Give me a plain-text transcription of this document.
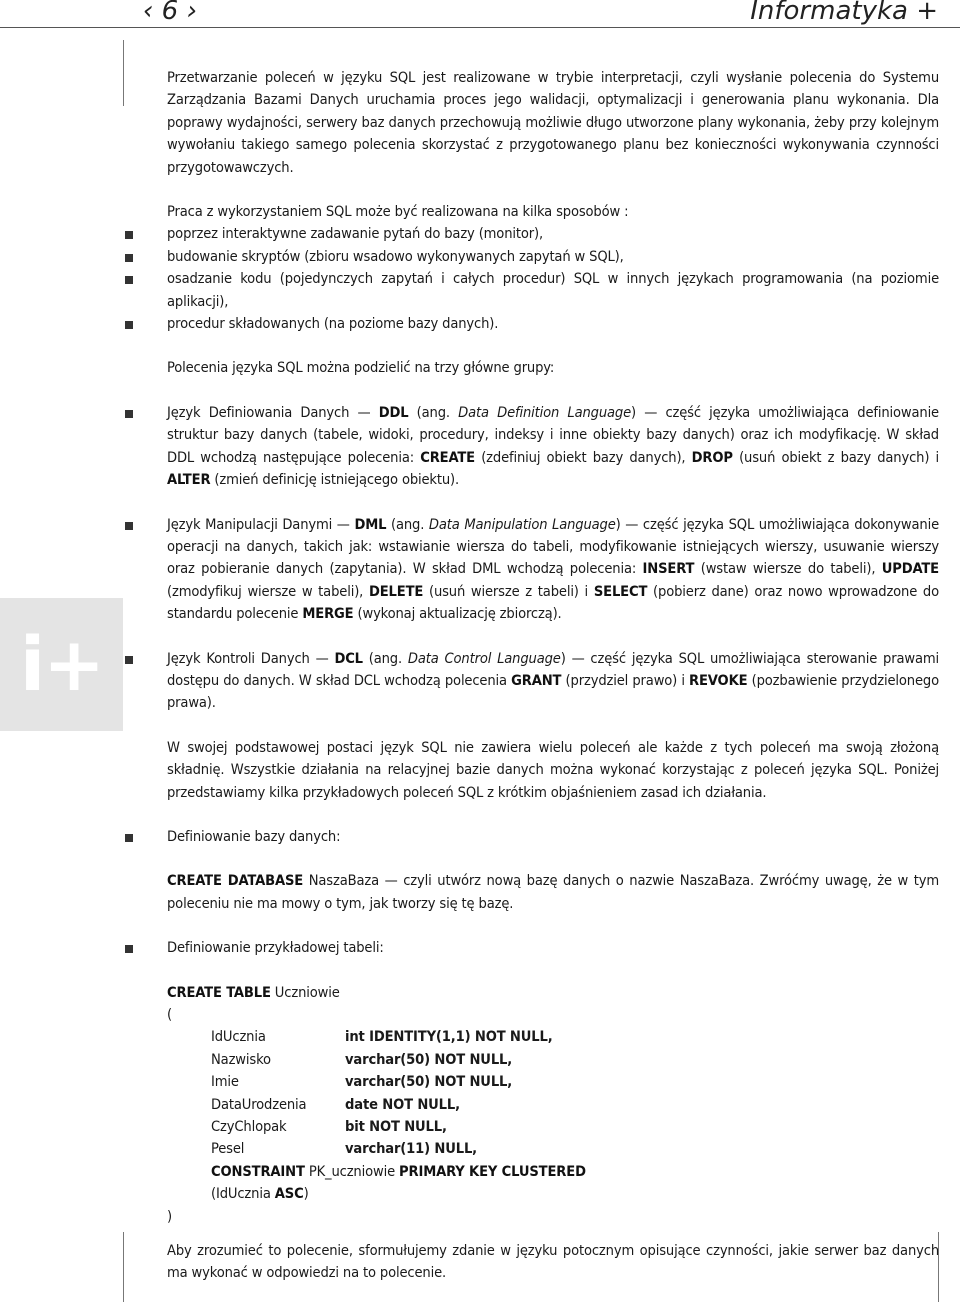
‹ 6 ›	Informatyka +
i+

Przetwarzanie poleceń w języku SQL jest realizowane w trybie interpretacji, czyli wysłanie polecenia do Systemu Zarządzania Bazami Danych uruchamia proces jego walidacji, optymalizacji i generowania planu wykonania. Dla poprawy wydajności, serwery baz danych przechowują możliwie długo utworzone plany wykonania, żeby przy kolejnym wywołaniu takiego samego polecenia skorzystać z przygotowanego planu bez konieczności wykonywania czynności przygotowawczych.

Praca z wykorzystaniem SQL może być realizowana na kilka sposobów :

poprzez interaktywne zadawanie pytań do bazy (monitor),

budowanie skryptów (zbioru wsadowo wykonywanych zapytań w SQL),

osadzanie kodu (pojedynczych zapytań i całych procedur) SQL w innych językach programowania (na poziomie aplikacji),

procedur składowanych (na poziome bazy danych).

Polecenia języka SQL można podzielić na trzy główne grupy:

Język Definiowania Danych — DDL (ang. Data Definition Language) — część języka umożliwiająca definiowanie struktur bazy danych (tabele, widoki, procedury, indeksy i inne obiekty bazy danych) oraz ich modyfikację. W skład DDL wchodzą następujące polecenia: CREATE (zdefiniuj obiekt bazy danych), DROP (usuń obiekt z bazy danych) i ALTER (zmień definicję istniejącego obiektu).

Język Manipulacji Danymi — DML (ang. Data Manipulation Language) — część języka SQL umożliwiająca dokonywanie operacji na danych, takich jak: wstawianie wiersza do tabeli, modyfikowanie istniejących wierszy, usuwanie wierszy oraz pobieranie danych (zapytania). W skład DML wchodzą polecenia: INSERT (wstaw wiersze do tabeli), UPDATE (zmodyfikuj wiersze w tabeli), DELETE (usuń wiersze z tabeli) i SELECT (pobierz dane) oraz nowo wprowadzone do standardu polecenie MERGE (wykonaj aktualizację zbiorczą).

Język Kontroli Danych — DCL (ang. Data Control Language) — część języka SQL umożliwiająca sterowanie prawami dostępu do danych. W skład DCL wchodzą polecenia GRANT (przydziel prawo) i REVOKE (pozbawienie przydzielonego prawa).

W swojej podstawowej postaci język SQL nie zawiera wielu poleceń ale każde z tych poleceń ma swoją złożoną składnię. Wszystkie działania na relacyjnej bazie danych można wykonać korzystając z poleceń języka SQL. Poniżej przedstawiamy kilka przykładowych poleceń SQL z krótkim objaśnieniem zasad ich działania.

Definiowanie bazy danych:

CREATE DATABASE NaszaBaza — czyli utwórz nową bazę danych o nazwie NaszaBaza. Zwróćmy uwagę, że w tym poleceniu nie ma mowy o tym, jak tworzy się tę bazę.

Definiowanie przykładowej tabeli:

CREATE TABLE Uczniowie
(
IdUcznia	int IDENTITY(1,1) NOT NULL,
Nazwisko	varchar(50) NOT NULL,
Imie	varchar(50) NOT NULL,
DataUrodzenia	date NOT NULL,
CzyChlopak	bit NOT NULL,
Pesel	varchar(11) NULL,
CONSTRAINT PK_uczniowie PRIMARY KEY CLUSTERED
(IdUcznia ASC)
)

Aby zrozumieć to polecenie, sformułujemy zdanie w języku potocznym opisujące czynności, jakie serwer baz danych ma wykonać w odpowiedzi na to polecenie.
